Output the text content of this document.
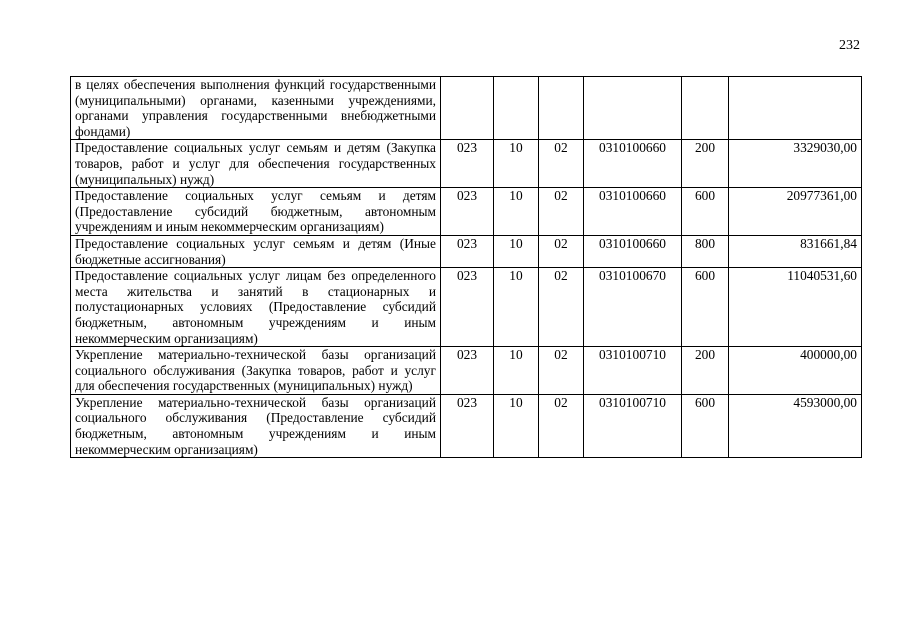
232
в целях обеспечения выполнения функций государственными (муниципальными) органами, казенными учреждениями, органами управления государственными внебюджетными фондами)						
Предоставление социальных услуг семьям и детям (Закупка товаров, работ и услуг для обеспечения государственных (муниципальных) нужд)	023	10	02	0310100660	200	3329030,00
Предоставление социальных услуг семьям и детям (Предоставление субсидий бюджетным, автономным учреждениям и иным некоммерческим организациям)	023	10	02	0310100660	600	20977361,00
Предоставление социальных услуг семьям и детям (Иные бюджетные ассигнования)	023	10	02	0310100660	800	831661,84
Предоставление социальных услуг лицам без определенного места жительства и занятий в стационарных и полустационарных условиях (Предоставление субсидий бюджетным, автономным учреждениям и иным некоммерческим организациям)	023	10	02	0310100670	600	11040531,60
Укрепление материально-технической базы организаций социального обслуживания (Закупка товаров, работ и услуг для обеспечения государственных (муниципальных) нужд)	023	10	02	0310100710	200	400000,00
Укрепление материально-технической базы организаций социального обслуживания (Предоставление субсидий бюджетным, автономным учреждениям и иным некоммерческим организациям)	023	10	02	0310100710	600	4593000,00
